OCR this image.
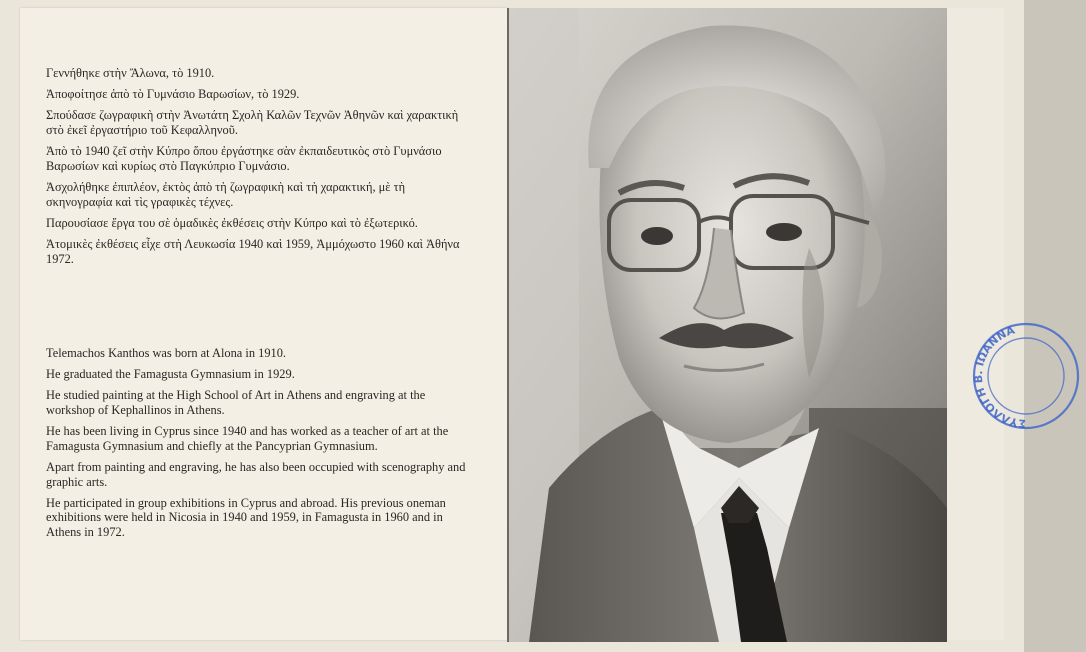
Γεννήθηκε στὴν Ἄλωνα, τὸ 1910.

Ἀποφοίτησε ἀπὸ τὸ Γυμνάσιο Βαρωσίων, τὸ 1929.

Σπούδασε ζωγραφικὴ στὴν Ἀνωτάτη Σχολὴ Καλῶν Τεχνῶν Ἀθηνῶν καὶ χαρακτικὴ στὸ ἐκεῖ ἐργαστήριο τοῦ Κεφαλληνοῦ.

Ἀπὸ τὸ 1940 ζεῖ στὴν Κύπρο ὅπου ἐργάστηκε σὰν ἐκπαιδευτικὸς στὸ Γυμνάσιο Βαρωσίων καὶ κυρίως στὸ Παγκύπριο Γυμνάσιο.

Ἀσχολήθηκε ἐπιπλέον, ἐκτὸς ἀπὸ τὴ ζωγραφικὴ καὶ τὴ χαρακτική, μὲ τὴ σκηνογραφία καὶ τὶς γραφικὲς τέχνες.

Παρουσίασε ἔργα του σὲ ὁμαδικὲς ἐκθέσεις στὴν Κύπρο καὶ τὸ ἐξωτερικό.

Ἀτομικὲς ἐκθέσεις εἶχε στὴ Λευκωσία 1940 καὶ 1959, Ἀμμόχωστο 1960 καὶ Ἀθήνα 1972.

Telemachos Kanthos was born at Alona in 1910.

He graduated the Famagusta Gymnasium in 1929.

He studied painting at the High School of Art in Athens and engraving at the workshop of Kephallinos in Athens.

He has been living in Cyprus since 1940 and has worked as a teacher of art at the Famagusta Gymnasium and chiefly at the Pancyprian Gymnasium.

Apart from painting and engraving, he has also been occupied with scenography and graphic arts.

He participated in group exhibitions in Cyprus and abroad. His previous oneman exhibitions were held in Nicosia in 1940 and 1959, in Famagusta in 1960 and in Athens in 1972.

ΣΥΛΛΟΓΗ Β. ΙΩΑΝΝΑ
